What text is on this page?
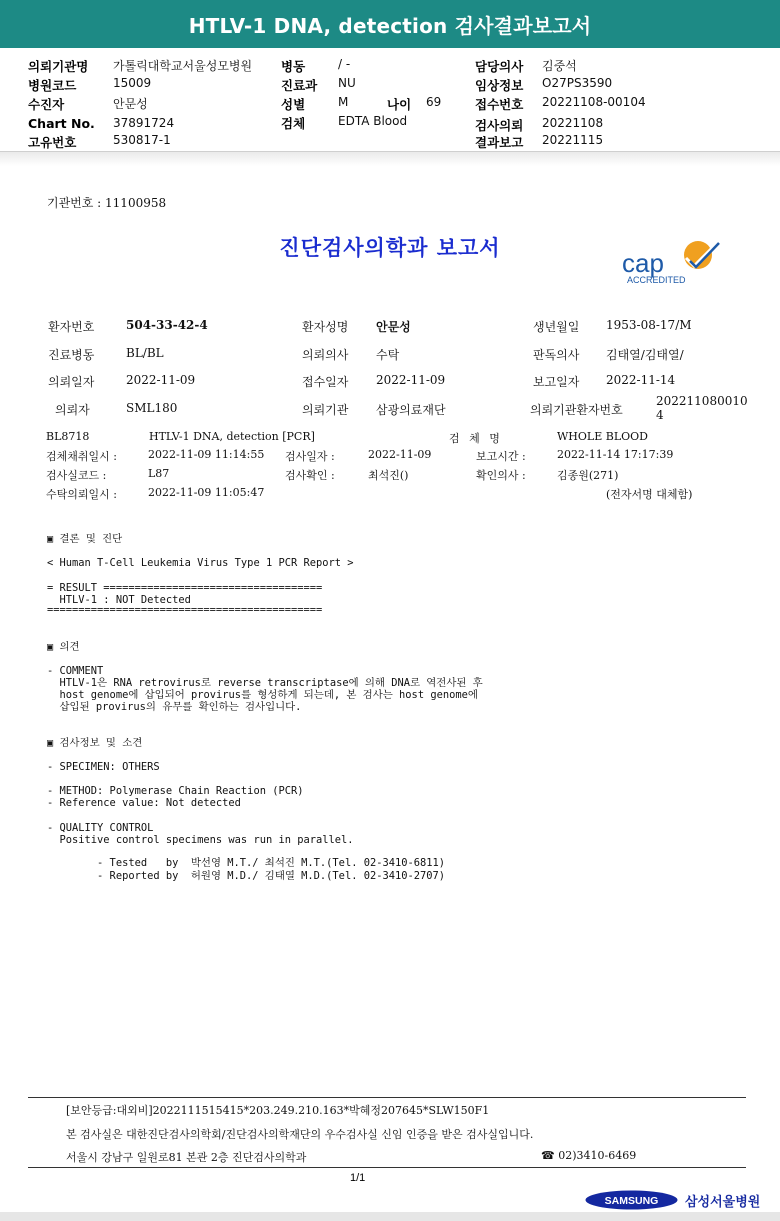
HTLV-1 DNA, detection 검사결과보고서
의뢰기관명 가톨릭대학교서울성모병원
병원코드	15009
수진자	안문성
Chart No. 37891724
고유번호	530817-1
병동	/ -
진료과 NU
성별	M	나이 69
검체	EDTA Blood
담당의사 김중석
임상정보 O27PS3590
접수번호 20221108-00104
검사의뢰 20221108
결과보고 20221115
기관번호 : 11100958
진단검사의학과 보고서
cap
ACCREDITED
환자번호	504-33-42-4	환자성명 안문성	생년월일 1953-08-17/M
진료병동	BL/BL	의뢰의사 수탁	판독의사 김태열/김태열/
의뢰일자	2022-11-09	접수일자 2022-11-09	보고일자 2022-11-14
의뢰자	SML180	의뢰기관 삼광의료재단	의뢰기관환자번호
202211080010
4
BL8718	HTLV-1 DNA, detection [PCR]	검 체 명	WHOLE BLOOD
검체채취일시 :	2022-11-09 11:14:55 검사일자 :	2022-11-09	보고시간 :	2022-11-14 17:17:39
검사실코드 :	L87	검사확인 :	최석진()	확인의사 :	김종원(271)
수탁의뢰일시 :	2022-11-09 11:05:47	(전자서명 대체함)
▣ 결론 및 진단
< Human T-Cell Leukemia Virus Type 1 PCR Report >
= RESULT ===================================
HTLV-1 : NOT Detected
============================================
▣ 의견
- COMMENT
HTLV-1은 RNA retrovirus로 reverse transcriptase에 의해 DNA로 역전사된 후
host genome에 삽입되어 provirus를 형성하게 되는데, 본 검사는 host genome에
삽입된 provirus의 유무를 확인하는 검사입니다.
▣ 검사정보 및 소견
- SPECIMEN: OTHERS
- METHOD: Polymerase Chain Reaction (PCR)
- Reference value: Not detected
- QUALITY CONTROL
Positive control specimens was run in parallel.
- Tested   by  박선영 M.T./ 최석진 M.T.(Tel. 02-3410-6811)
- Reported by  허원영 M.D./ 김태열 M.D.(Tel. 02-3410-2707)
[보안등급:대외비]2022111515415*203.249.210.163*박혜정207645*SLW150F1
본 검사실은 대한진단검사의학회/진단검사의학재단의 우수검사실 신임 인증을 받은 검사실입니다.
서울시 강남구 일원로81 본관 2층 진단검사의학과	☎ 02)3410-6469
1/1
SAMSUNG 삼성서울병원
